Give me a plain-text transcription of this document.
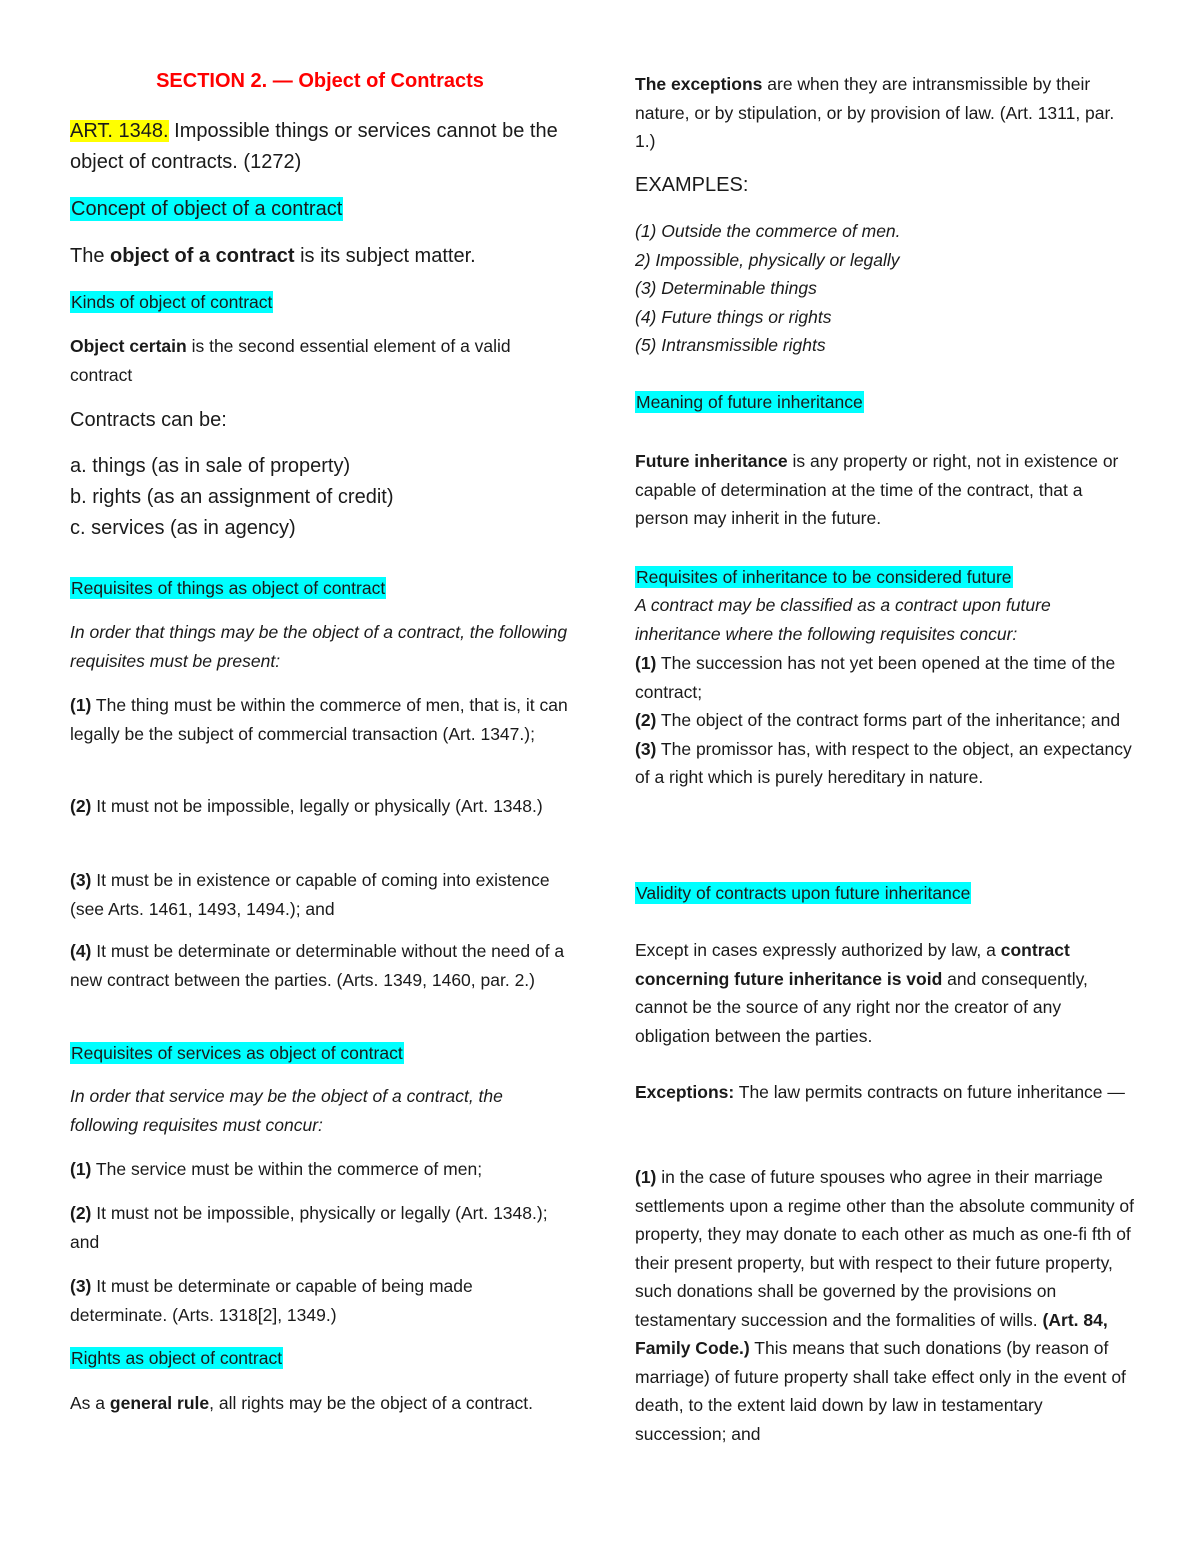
SECTION 2. — Object of Contracts

ART. 1348. Impossible things or services cannot be the object of contracts. (1272)

Concept of object of a contract

The object of a contract is its subject matter.

Kinds of object of contract

Object certain is the second essential element of a valid contract

Contracts can be:

a. things (as in sale of property)
b. rights (as an assignment of credit)
c. services (as in agency)

Requisites of things as object of contract

In order that things may be the object of a contract, the following requisites must be present:

(1) The thing must be within the commerce of men, that is, it can legally be the subject of commercial transaction (Art. 1347.);

(2) It must not be impossible, legally or physically (Art. 1348.)

(3) It must be in existence or capable of coming into existence (see Arts. 1461, 1493, 1494.); and

(4) It must be determinate or determinable without the need of a new contract between the parties. (Arts. 1349, 1460, par. 2.)

Requisites of services as object of contract

In order that service may be the object of a contract, the following requisites must concur:

(1) The service must be within the commerce of men;

(2) It must not be impossible, physically or legally (Art. 1348.); and

(3) It must be determinate or capable of being made determinate. (Arts. 1318[2], 1349.)

Rights as object of contract

As a general rule, all rights may be the object of a contract.

The exceptions are when they are intransmissible by their nature, or by stipulation, or by provision of law. (Art. 1311, par. 1.)

EXAMPLES:

(1) Outside the commerce of men.
2) Impossible, physically or legally
(3) Determinable things
(4) Future things or rights
(5) Intransmissible rights

Meaning of future inheritance

Future inheritance is any property or right, not in existence or capable of determination at the time of the contract, that a person may inherit in the future.

Requisites of inheritance to be considered future

A contract may be classified as a contract upon future inheritance where the following requisites concur:

(1) The succession has not yet been opened at the time of the contract;
(2) The object of the contract forms part of the inheritance; and
(3) The promissor has, with respect to the object, an expectancy of a right which is purely hereditary in nature.

Validity of contracts upon future inheritance

Except in cases expressly authorized by law, a contract concerning future inheritance is void and consequently, cannot be the source of any right nor the creator of any obligation between the parties.

Exceptions: The law permits contracts on future inheritance —

(1) in the case of future spouses who agree in their marriage settlements upon a regime other than the absolute community of property, they may donate to each other as much as one-fi fth of their present property, but with respect to their future property, such donations shall be governed by the provisions on testamentary succession and the formalities of wills. (Art. 84, Family Code.) This means that such donations (by reason of marriage) of future property shall take effect only in the event of death, to the extent laid down by law in testamentary succession; and
